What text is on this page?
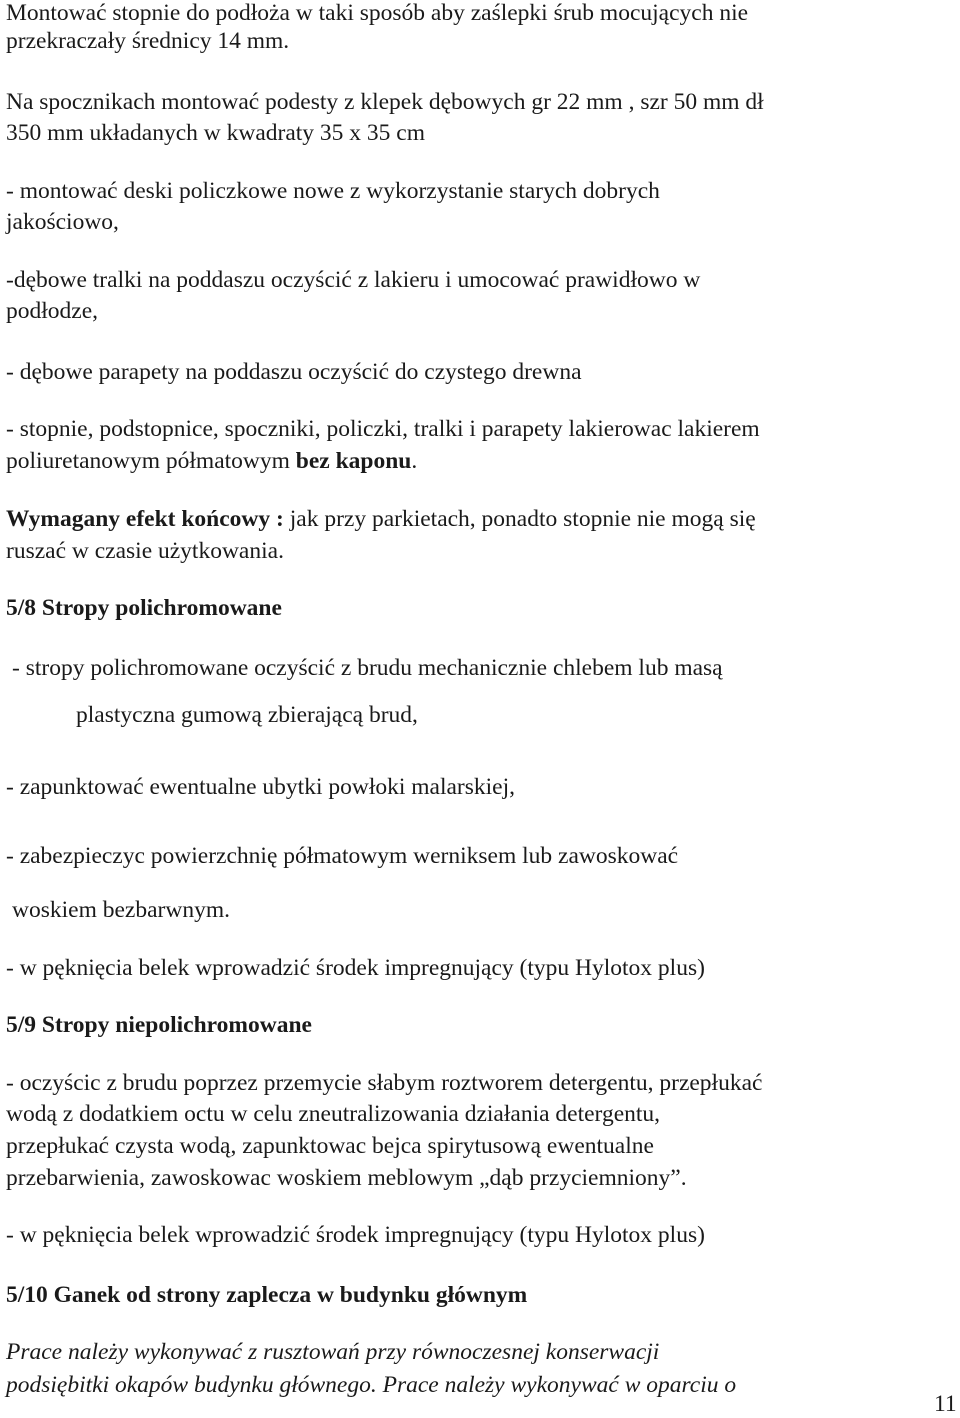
Montować stopnie do podłoża w taki sposób aby zaślepki śrub mocujących nie
przekraczały średnicy 14 mm.
Na spocznikach montować podesty z klepek dębowych gr 22 mm , szr 50 mm dł
350 mm układanych w kwadraty 35 x 35 cm
- montować deski policzkowe nowe z wykorzystanie starych dobrych
jakościowo,
-dębowe tralki na poddaszu oczyścić z lakieru i umocować prawidłowo w
podłodze,
- dębowe parapety na poddaszu oczyścić do czystego drewna
- stopnie, podstopnice, spoczniki, policzki, tralki i parapety lakierowac lakierem
poliuretanowym półmatowym bez kaponu.
Wymagany efekt końcowy : jak przy parkietach, ponadto stopnie nie mogą się
ruszać w czasie użytkowania.
5/8 Stropy polichromowane
- stropy polichromowane oczyścić z brudu mechanicznie chlebem lub masą
plastyczna gumową zbierającą brud,
- zapunktować ewentualne ubytki powłoki malarskiej,
- zabezpieczyc powierzchnię półmatowym werniksem lub zawoskować
woskiem bezbarwnym.
- w pęknięcia belek wprowadzić środek impregnujący (typu Hylotox plus)
5/9 Stropy niepolichromowane
- oczyścic z brudu poprzez przemycie słabym roztworem detergentu, przepłukać
wodą z dodatkiem octu w celu zneutralizowania działania detergentu,
przepłukać czysta wodą, zapunktowac bejca spirytusową ewentualne
przebarwienia, zawoskowac woskiem meblowym „dąb przyciemniony”.
- w pęknięcia belek wprowadzić środek impregnujący (typu Hylotox plus)
5/10 Ganek od strony zaplecza w budynku głównym
Prace należy wykonywać z rusztowań przy równoczesnej konserwacji
podsiębitki okapów budynku głównego. Prace należy wykonywać w oparciu o
11
